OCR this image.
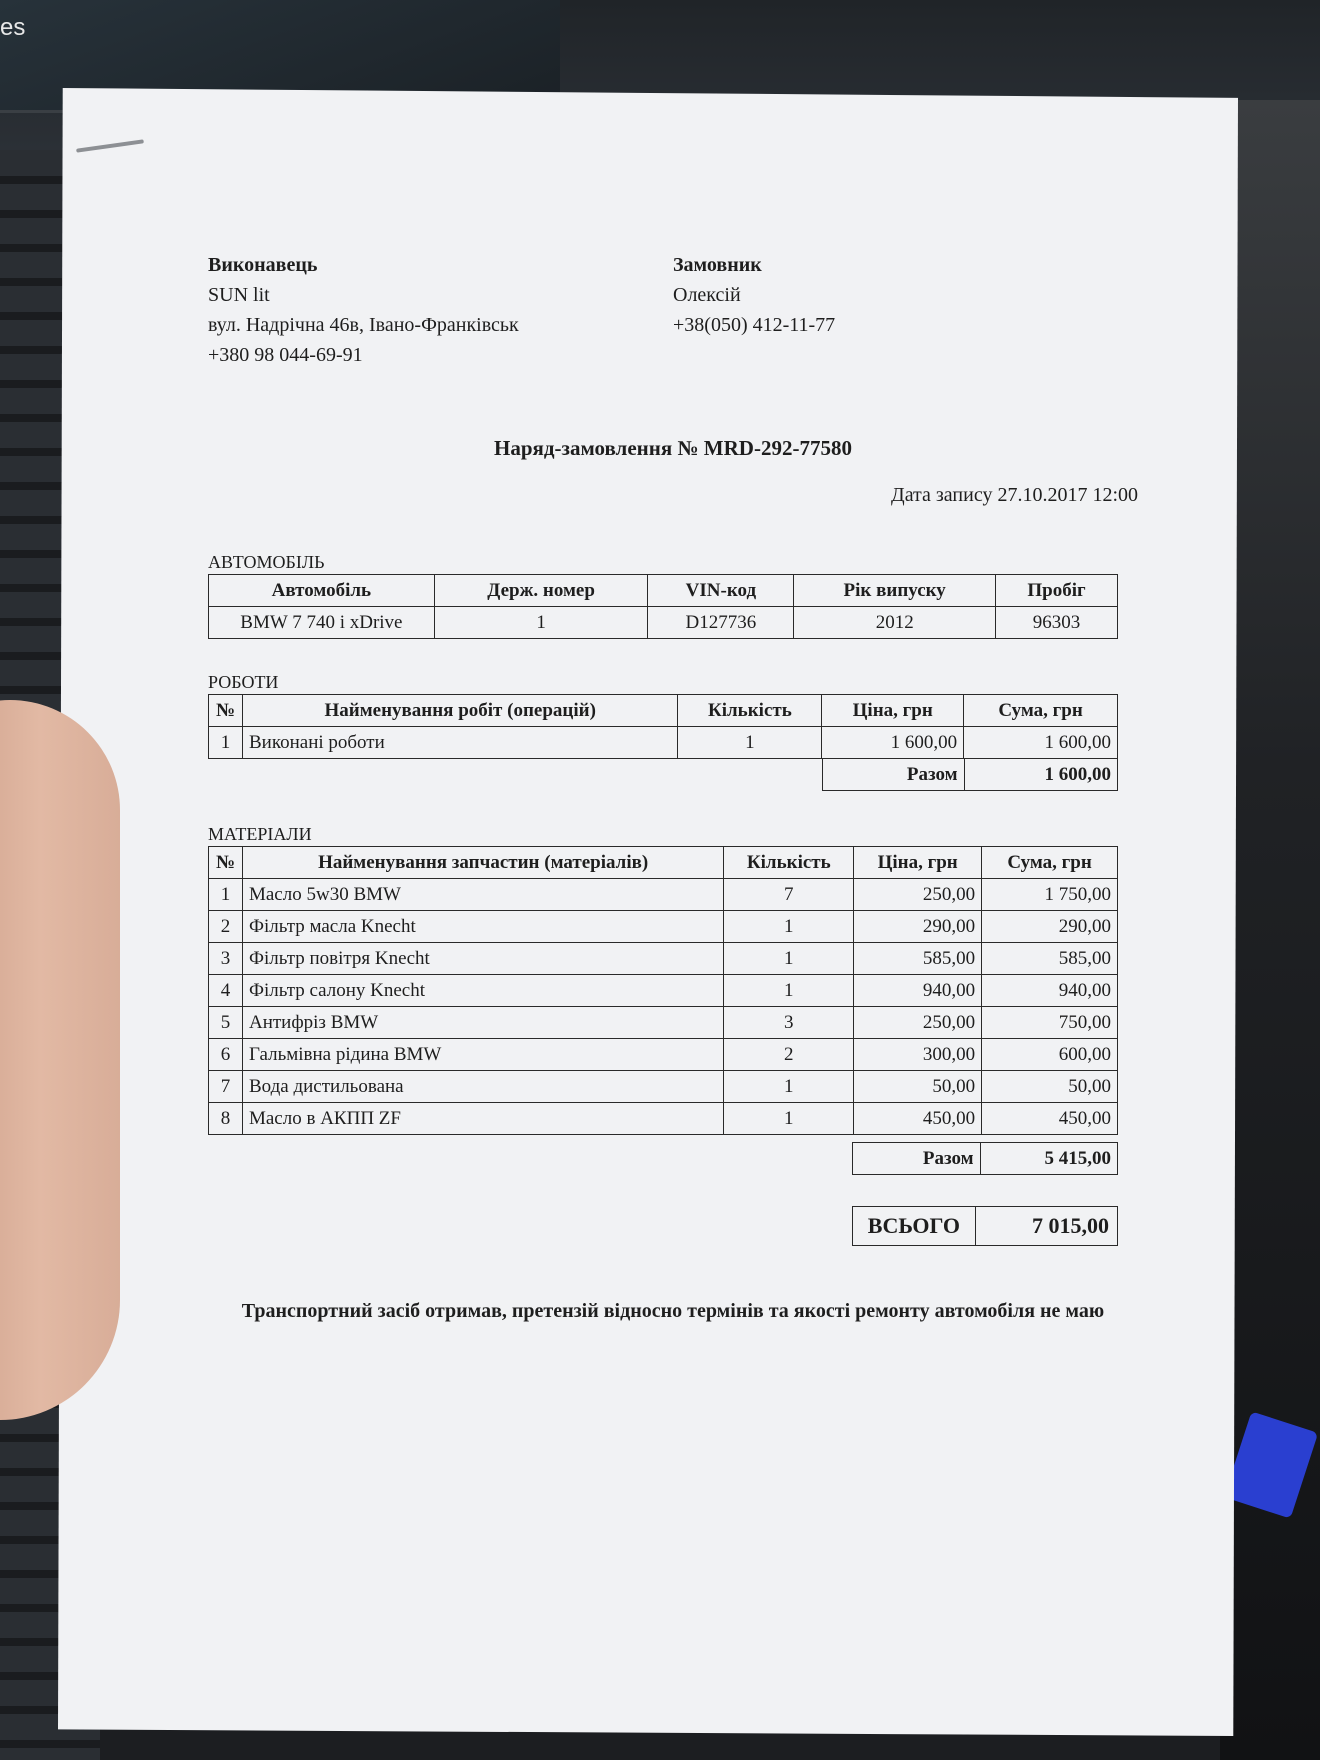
es
Виконавець
SUN lit
вул. Надрічна 46в, Івано-Франківськ
+380 98 044-69-91
Замовник
Олексій
+38(050) 412-11-77
Наряд-замовлення № MRD-292-77580
Дата запису 27.10.2017 12:00
АВТОМОБІЛЬ
Автомобіль	Держ. номер	VIN-код	Рік випуску	Пробіг
BMW 7 740 i xDrive	1	D127736	2012	96303
РОБОТИ
№	Найменування робіт (операцій)	Кількість	Ціна, грн	Сума, грн
1	Виконані роботи	1	1 600,00	1 600,00
Разом	1 600,00
МАТЕРІАЛИ
№	Найменування запчастин (матеріалів)	Кількість	Ціна, грн	Сума, грн
1	Масло 5w30 BMW	7	250,00	1 750,00
2	Фільтр масла Knecht	1	290,00	290,00
3	Фільтр повітря Knecht	1	585,00	585,00
4	Фільтр салону Knecht	1	940,00	940,00
5	Антифріз BMW	3	250,00	750,00
6	Гальмівна рідина BMW	2	300,00	600,00
7	Вода дистильована	1	50,00	50,00
8	Масло в АКПП ZF	1	450,00	450,00
Разом	5 415,00
ВСЬОГО	7 015,00
Транспортний засіб отримав, претензій відносно термінів та якості ремонту автомобіля не маю
